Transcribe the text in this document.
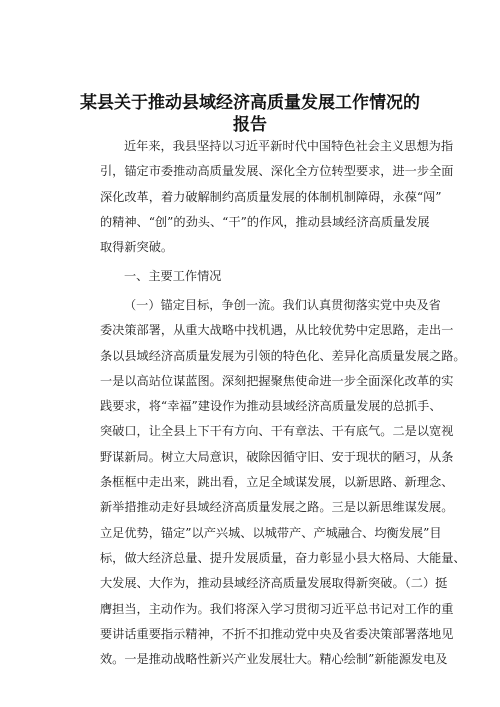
某县关于推动县域经济高质量发展工作情况的
报告
近年来，我县坚持以习近平新时代中国特色社会主义思想为指
引，锚定市委推动高质量发展、深化全方位转型要求，进一步全面
深化改革，着力破解制约高质量发展的体制机制障碍，永葆“闯”
的精神、“创”的劲头、“干”的作风，推动县域经济高质量发展
取得新突破。
一、主要工作情况
（一）锚定目标，争创一流。我们认真贯彻落实党中央及省
委决策部署，从重大战略中找机遇，从比较优势中定思路，走出一
条以县域经济高质量发展为引领的特色化、差异化高质量发展之路。
一是以高站位谋蓝图。深刻把握聚焦使命进一步全面深化改革的实
践要求，将“幸福”建设作为推动县域经济高质量发展的总抓手、
突破口，让全县上下干有方向、干有章法、干有底气。二是以宽视
野谋新局。树立大局意识，破除因循守旧、安于现状的陋习，从条
条框框中走出来，跳出看，立足全域谋发展，以新思路、新理念、
新举措推动走好县域经济高质量发展之路。三是以新思维谋发展。
立足优势，锚定”以产兴城、以城带产、产城融合、均衡发展”目
标，做大经济总量、提升发展质量，奋力彰显小县大格局、大能量、
大发展、大作为，推动县域经济高质量发展取得新突破。（二）挺
膺担当，主动作为。我们将深入学习贯彻习近平总书记对工作的重
要讲话重要指示精神，不折不扣推动党中央及省委决策部署落地见
效。一是推动战略性新兴产业发展壮大。精心绘制”新能源发电及
